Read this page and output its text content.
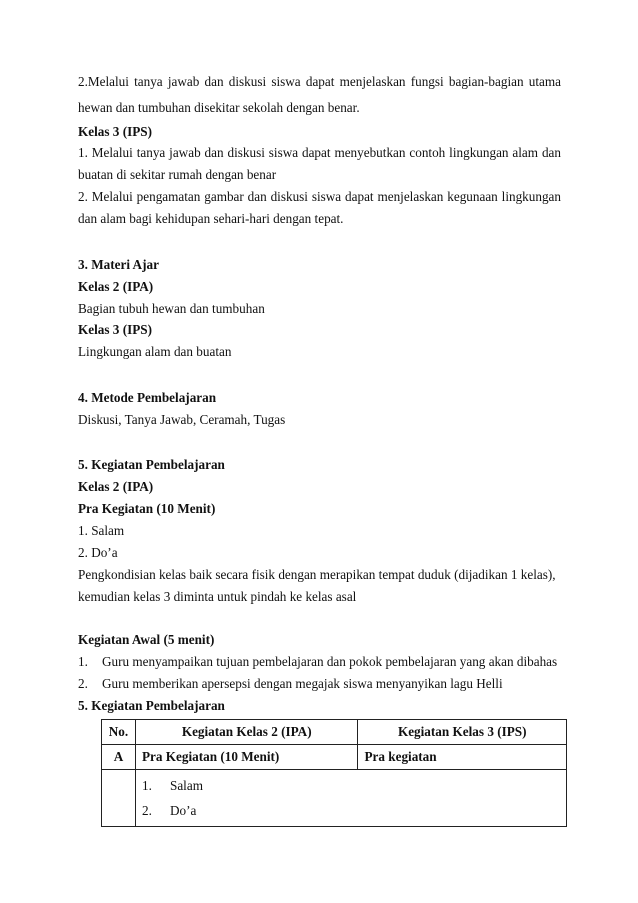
2.Melalui tanya jawab dan diskusi siswa dapat menjelaskan fungsi bagian-bagian utama
hewan dan tumbuhan disekitar sekolah dengan benar.
Kelas 3 (IPS)
1. Melalui tanya jawab dan diskusi siswa dapat menyebutkan contoh lingkungan alam dan
buatan di sekitar rumah dengan benar
2. Melalui pengamatan gambar dan diskusi siswa dapat menjelaskan kegunaan lingkungan
dan alam bagi kehidupan sehari-hari dengan tepat.
3. Materi Ajar
Kelas 2 (IPA)
Bagian tubuh hewan dan tumbuhan
Kelas 3 (IPS)
Lingkungan alam dan buatan
4. Metode Pembelajaran
Diskusi, Tanya Jawab, Ceramah, Tugas
5. Kegiatan Pembelajaran
Kelas 2 (IPA)
Pra Kegiatan (10 Menit)
1. Salam
2. Do’a
Pengkondisian kelas baik secara fisik dengan merapikan tempat duduk (dijadikan 1 kelas),
kemudian kelas 3 diminta untuk pindah ke kelas asal
Kegiatan Awal (5 menit)
1. Guru menyampaikan tujuan pembelajaran dan pokok pembelajaran yang akan dibahas
2. Guru memberikan apersepsi dengan megajak siswa menyanyikan lagu Helli
5. Kegiatan Pembelajaran
No.	Kegiatan Kelas 2 (IPA)	Kegiatan Kelas 3 (IPS)
A	Pra Kegiatan (10 Menit)	Pra kegiatan

	1. Salam
2. Do’a	
